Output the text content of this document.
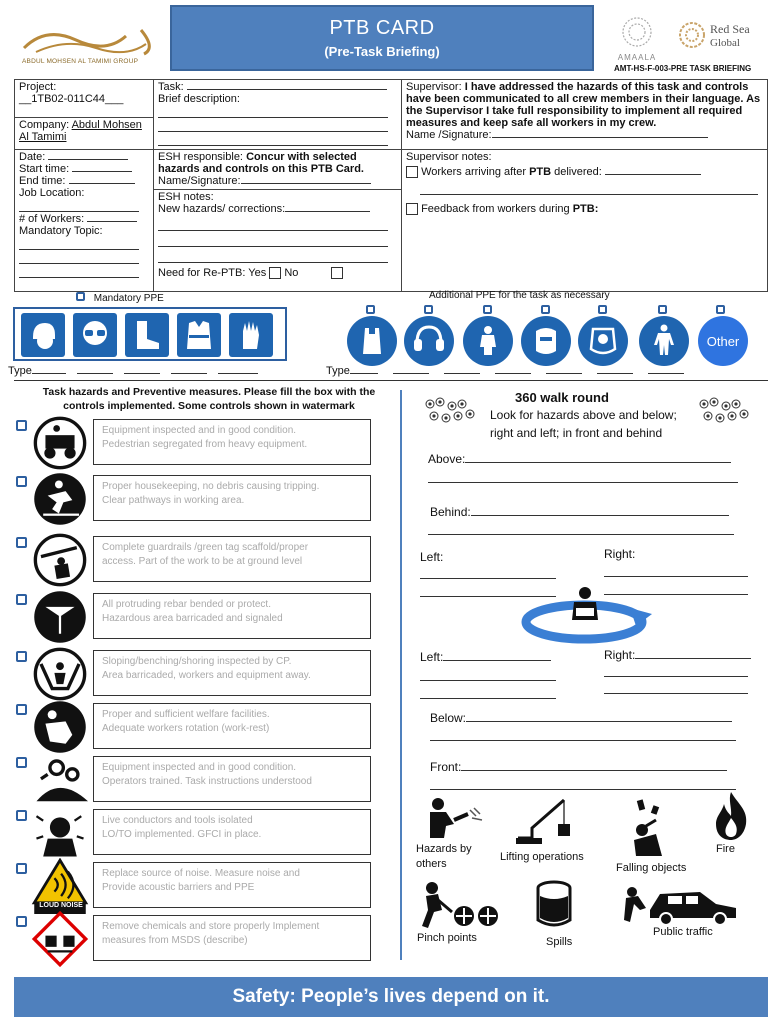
ABDUL MOHSEN AL TAMIMI GROUP
PTB CARD
(Pre-Task Briefing)	AMAALA
Red Sea
Global
AMT-HS-F-003-PRE TASK BRIEFING
Project:
__1TB02-011C44___
Company: Abdul Mohsen Al Tamimi
Date:
Start time:
End time:
Job Location:
# of Workers:
Mandatory Topic:
Task:
Brief description:
ESH responsible: Concur with selected hazards and controls on this PTB Card.
Name/Signature:
ESH notes:
New hazards/ corrections:
Need for Re-PTB: Yes No
Supervisor: I have addressed the hazards of this task and controls have been communicated to all crew members in their language. As the Supervisor I take full responsibility to implement all required measures and keep safe all workers in my crew.
Name /Signature:
Supervisor notes:
Workers arriving after PTB delivered:
Feedback from workers during PTB:
Mandatory PPE	Additional PPE for the task as necessary
Other
Type	Type
Task hazards and Preventive measures. Please fill the box with the controls implemented. Some controls shown in watermark
Equipment inspected and in good condition.
Pedestrian segregated from heavy equipment.
Proper housekeeping, no debris causing tripping.
Clear pathways in working area.
Complete guardrails /green tag scaffold/proper
access. Part of the work to be at ground level
All protruding rebar bended or protect.
Hazardous area barricaded and signaled
Sloping/benching/shoring inspected by CP.
Area barricaded, workers and equipment away.
Proper and sufficient welfare facilities.
Adequate workers rotation (work-rest)
Equipment inspected and in good condition.
Operators trained. Task instructions understood
Live conductors and tools isolated
LO/TO implemented. GFCI in place.
LOUD NOISE
Replace source of noise. Measure noise and
Provide acoustic barriers and PPE
Remove chemicals and store properly Implement
measures from MSDS (describe)
360 walk round
Look for hazards above and below;
right and left; in front and behind
Above:
Behind:
Left:	Right:
Left:	Right:
Below:
Front:
Hazards by
others
Lifting operations
Falling objects
Fire
Pinch points	Spills
Public traffic
Safety: People’s lives depend on it.
